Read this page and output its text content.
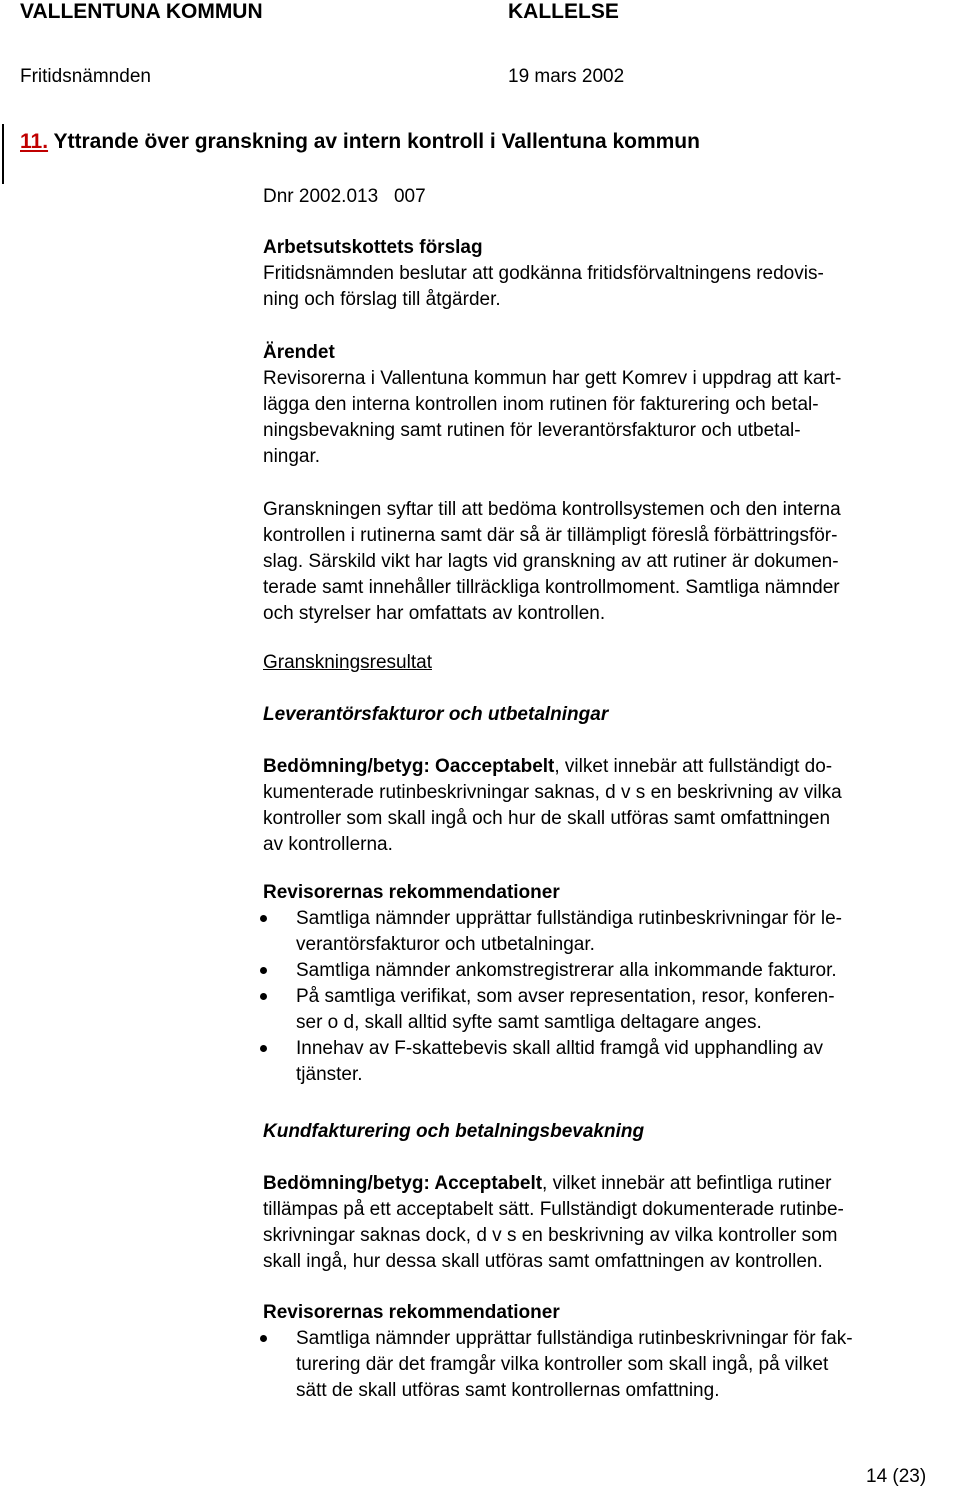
VALLENTUNA KOMMUN	KALLELSE
Fritidsnämnden	19 mars 2002
11. Yttrande över granskning av intern kontroll i Vallentuna kommun
Dnr 2002.013   007
Arbetsutskottets förslag
Fritidsnämnden beslutar att godkänna fritidsförvaltningens redovis-
ning och förslag till åtgärder.
Ärendet
Revisorerna i Vallentuna kommun har gett Komrev i uppdrag att kart-
lägga den interna kontrollen inom rutinen för fakturering och betal-
ningsbevakning samt rutinen för leverantörsfakturor och utbetal-
ningar.
Granskningen syftar till att bedöma kontrollsystemen och den interna
kontrollen i rutinerna samt där så är tillämpligt föreslå förbättringsför-
slag. Särskild vikt har lagts vid granskning av att rutiner är dokumen-
terade samt innehåller tillräckliga kontrollmoment. Samtliga nämnder
och styrelser har omfattats av kontrollen.
Granskningsresultat
Leverantörsfakturor och utbetalningar
Bedömning/betyg: Oacceptabelt, vilket innebär att fullständigt do-
kumenterade rutinbeskrivningar saknas, d v s en beskrivning av vilka
kontroller som skall ingå och hur de skall utföras samt omfattningen
av kontrollerna.
Revisorernas rekommendationer
Samtliga nämnder upprättar fullständiga rutinbeskrivningar för le-
verantörsfakturor och utbetalningar.
Samtliga nämnder ankomstregistrerar alla inkommande fakturor.
På samtliga verifikat, som avser representation, resor, konferen-
ser o d, skall alltid syfte samt samtliga deltagare anges.
Innehav av F-skattebevis skall alltid framgå vid upphandling av
tjänster.
Kundfakturering och betalningsbevakning
Bedömning/betyg: Acceptabelt, vilket innebär att befintliga rutiner
tillämpas på ett acceptabelt sätt. Fullständigt dokumenterade rutinbe-
skrivningar saknas dock, d v s en beskrivning av vilka kontroller som
skall ingå, hur dessa skall utföras samt omfattningen av kontrollen.
Revisorernas rekommendationer
Samtliga nämnder upprättar fullständiga rutinbeskrivningar för fak-
turering där det framgår vilka kontroller som skall ingå, på vilket
sätt de skall utföras samt kontrollernas omfattning.
14 (23)
